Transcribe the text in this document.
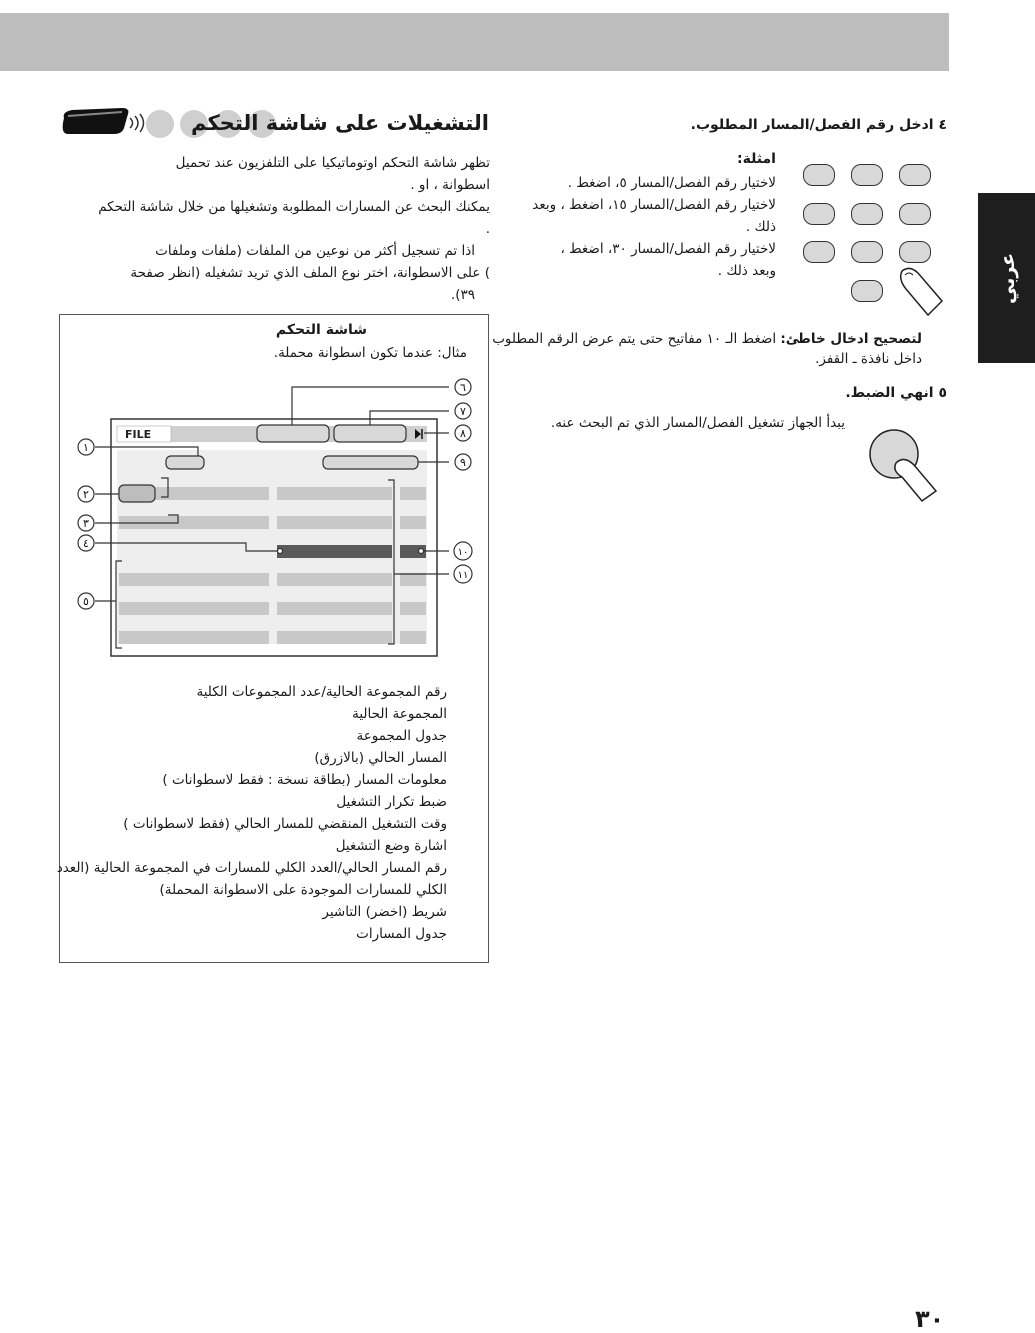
عربي
التشغيلات على شاشة التحكم
تظهر شاشة التحكم اوتوماتيكيا على التلفزيون عند تحميل
اسطوانة ، او .
يمكنك البحث عن المسارات المطلوبة وتشغيلها من خلال شاشة التحكم
.
اذا تم تسجيل أكثر من نوعين من الملفات (ملفات وملفات
) على الاسطوانة، اختر نوع الملف الذي تريد تشغيله (انظر صفحة
٣٩).
شاشة التحكم
مثال: عندما تكون اسطوانة محملة.
FILE
١
٢
٣
٤
٥
٦
٧
٨
٩
١٠
١١
رقم المجموعة الحالية/عدد المجموعات الكلية
المجموعة الحالية
جدول المجموعة
المسار الحالي (بالازرق)
معلومات المسار (بطاقة نسخة : فقط لاسطوانات )
ضبط تكرار التشغيل
وقت التشغيل المنقضي للمسار الحالي (فقط لاسطوانات )
اشارة وضع التشغيل
رقم المسار الحالي/العدد الكلي للمسارات في المجموعة الحالية (العدد
الكلي للمسارات الموجودة على الاسطوانة المحملة)
شريط (اخضر) التاشير
جدول المسارات
٤ ادخل رقم الفصل/المسار المطلوب.
امثلة:
لاختيار رقم الفصل/المسار ٥، اضغط .
لاختيار رقم الفصل/المسار ١٥، اضغط ، وبعد
ذلك .
لاختيار رقم الفصل/المسار ٣٠، اضغط ،
وبعد ذلك .
لتصحيح ادخال خاطئ: اضغط الـ ١٠ مفاتيح حتى يتم عرض الرقم المطلوب
داخل نافذة ـ القفز.
٥ انهي الضبط.
يبدأ الجهاز تشغيل الفصل/المسار الذي تم البحث عنه.
٣٠
